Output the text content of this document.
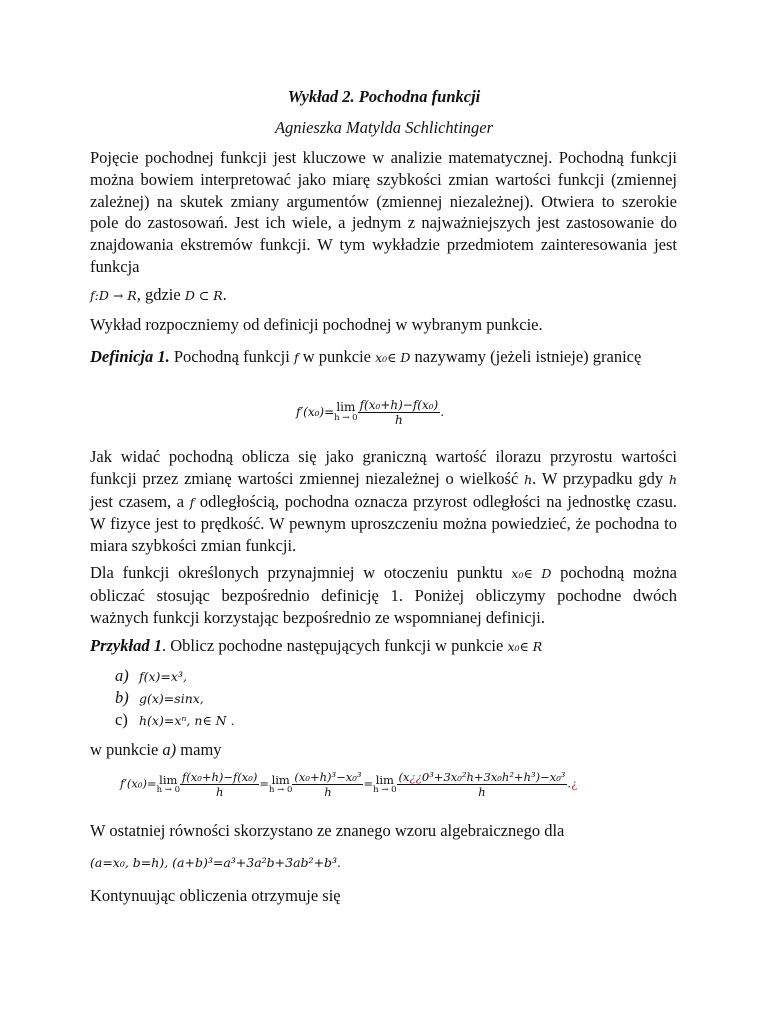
Wykład 2. Pochodna funkcji
Agnieszka Matylda Schlichtinger
Pojęcie pochodnej funkcji jest kluczowe w analizie matematycznej. Pochodną funkcji można bowiem interpretować jako miarę szybkości zmian wartości funkcji (zmiennej zależnej) na skutek zmiany argumentów (zmiennej niezależnej). Otwiera to szerokie pole do zastosowań. Jest ich wiele, a jednym z najważniejszych jest zastosowanie do znajdowania ekstremów funkcji. W tym wykładzie przedmiotem zainteresowania jest funkcja
f:D → R, gdzie D ⊂ R.
Wykład rozpoczniemy od definicji pochodnej w wybranym punkcie.
Definicja 1. Pochodną funkcji f w punkcie x₀∈ D nazywamy (jeżeli istnieje) granicę
f′(x₀)= lim
$h \to 0 \frac{\text{f(x₀+h)−f(x₀)}}{h}$ .
Jak widać pochodną oblicza się jako graniczną wartość ilorazu przyrostu wartości funkcji przez zmianę wartości zmiennej niezależnej o wielkość h. W przypadku gdy h jest czasem, a f odległością, pochodna oznacza przyrost odległości na jednostkę czasu. W fizyce jest to prędkość. W pewnym uproszczeniu można powiedzieć, że pochodna to miara szybkości zmian funkcji.
Dla funkcji określonych przynajmniej w otoczeniu punktu x₀∈ D pochodną można obliczać stosując bezpośrednio definicję 1. Poniżej obliczymy pochodne dwóch ważnych funkcji korzystając bezpośrednio ze wspomnianej definicji.
Przykład 1. Oblicz pochodne następujących funkcji w punkcie x₀∈ R
a) f(x)=x³,
b) g(x)=sinx,
c) h(x)=xⁿ, n∈ N .
w punkcie a) mamy
f′(x₀)= lim
$h \to 0 \frac{\text{f(x₀+h)−f(x₀)}}{h} = \lim$
$h \to 0 \frac{\text{(x₀+h)³−x₀³}}{h} = \lim$
$h \to 0 \frac{\text{(x¿¿0³+3x₀²h+3x₀h²+h³)−x₀³}}{h}$ .¿
W ostatniej równości skorzystano ze znanego wzoru algebraicznego dla
(a=x₀, b=h), (a+b)³=a³+3a²b+3ab²+b³.
Kontynuując obliczenia otrzymuje się
